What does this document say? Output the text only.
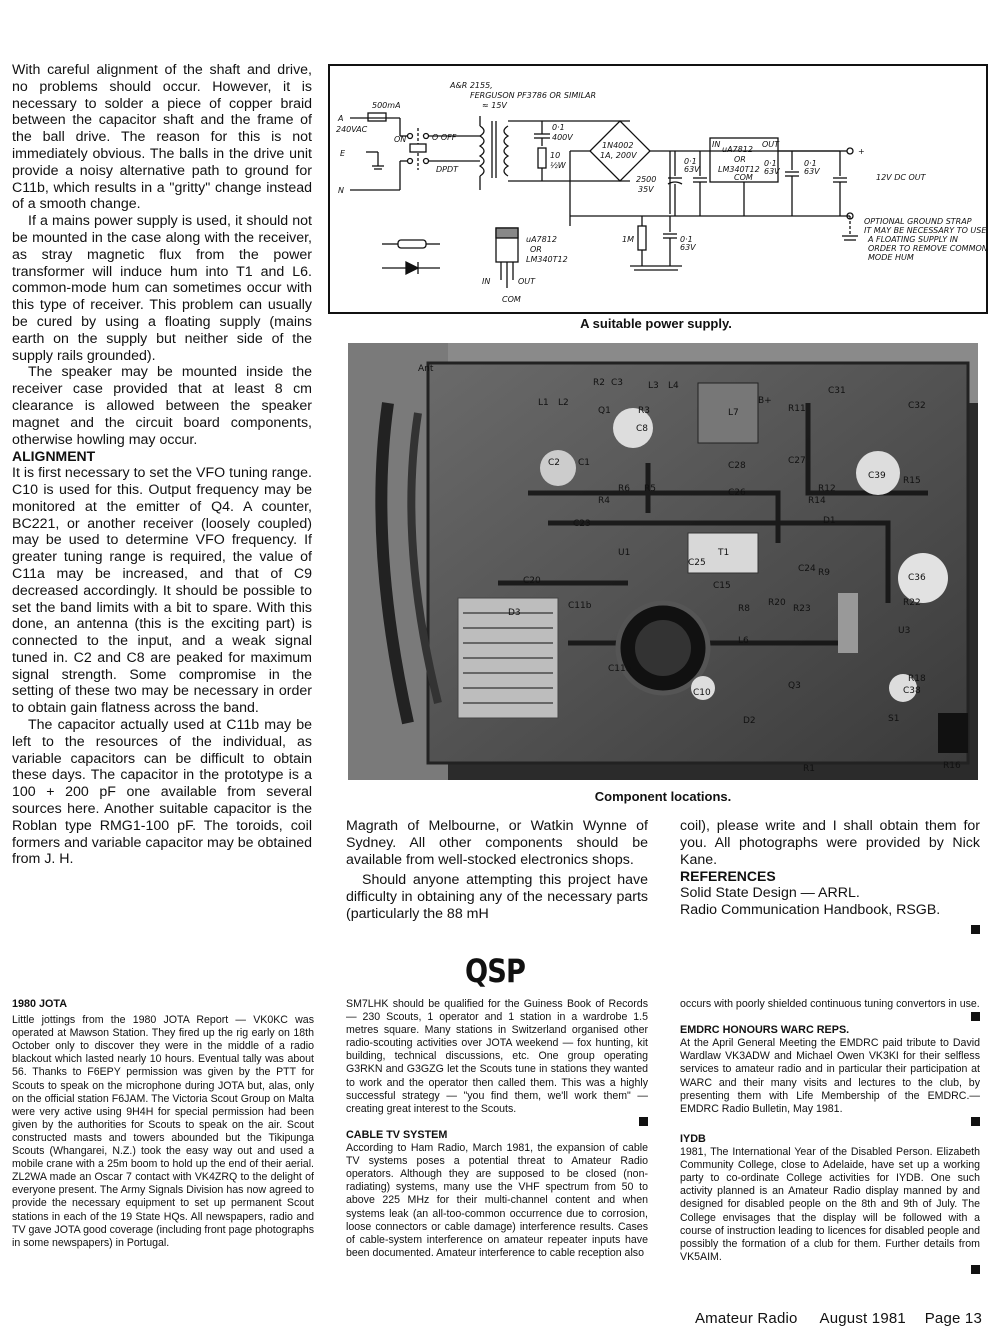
With careful alignment of the shaft and drive, no problems should occur. However, it is necessary to solder a piece of copper braid between the capacitor shaft and the frame of the ball drive. The reason for this is not immediately obvious. The balls in the drive unit provide a noisy alternative path to ground for C11b, which results in a "gritty" change instead of a smooth change.

If a mains power supply is used, it should not be mounted in the case along with the receiver, as stray magnetic flux from the power transformer will induce hum into T1 and L6. common-mode hum can sometimes occur with this type of receiver. This problem can usually be cured by using a floating supply (mains earth on the supply but neither side of the supply rails grounded).

The speaker may be mounted inside the receiver case provided that at least 8 cm clearance is allowed between the speaker magnet and the circuit board components, otherwise howling may occur.

ALIGNMENT

It is first necessary to set the VFO tuning range. C10 is used for this. Output frequency may be monitored at the emitter of Q4. A counter, BC221, or another receiver (loosely coupled) may be used to determine VFO frequency. If greater tuning range is required, the value of C11a may be increased, and that of C9 decreased accordingly. It should be possible to set the band limits with a bit to spare. With this done, an antenna (this is the exciting part) is connected to the input, and a weak signal tuned in. C2 and C8 are peaked for maximum signal strength. Some compromise in the setting of these two may be necessary in order to obtain gain flatness across the band.

The capacitor actually used at C11b may be left to the resources of the individual, as variable capacitors can be difficult to obtain these days. The capacitor in the prototype is a 100 + 200 pF one available from several sources here. Another suitable capacitor is the Roblan type RMG1-100 pF. The toroids, coil formers and variable capacitor may be obtained from J. H.

A&R 2155,
FERGUSON PF3786 OR SIMILAR
≈ 15V
500mA
A
240VAC
E
N
ON	O OFF
DPDT
0·1
400V
10
½W
1N4002
1A, 200V
2500
35V
0·1
63V
uA7812
OR
LM340T12
IN	OUT
COM
0·1
63V
0·1
63V
+
12V DC OUT
1M	0·1
63V
OPTIONAL GROUND STRAP
IT MAY BE NECESSARY TO USE
A FLOATING SUPPLY IN
ORDER TO REMOVE COMMON
MODE HUM
uA7812
OR
LM340T12
IN	OUT
COM
A suitable power supply.
Ant
L1 L2
R2 C3	L3 L4
Q1	R3
C8
L7
B+
C31
R11	C32
C2 C1
R6 R5
C28	C27
R12
C39 R15
R4
C26
R14
C23	D1
U1	T1
C25
C24 R9	C36
C20	C15
D3
C11b	R8
R20
R23
R22
U3
L6
Q3
C11a
C10
D2
C38
R18
S1
R1	R16
Component locations.

Magrath of Melbourne, or Watkin Wynne of Sydney. All other components should be available from well-stocked electronics shops.

Should anyone attempting this project have difficulty in obtaining any of the necessary parts (particularly the 88 mH

coil), please write and I shall obtain them for you. All photographs were provided by Nick Kane.

REFERENCES

Solid State Design — ARRL.

Radio Communication Handbook, RSGB.

QSP
1980 JOTA

Little jottings from the 1980 JOTA Report — VK0KC was operated at Mawson Station. They fired up the rig early on 18th October only to discover they were in the middle of a radio blackout which lasted nearly 10 hours. Eventual tally was about 56. Thanks to F6EPY permission was given by the PTT for Scouts to speak on the microphone during JOTA but, alas, only on the official station F6JAM. The Victoria Scout Group on Malta were very active using 9H4H for special permission had been given by the authorities for Scouts to speak on the air. Scout constructed masts and towers abounded but the Tikipunga Scouts (Whangarei, N.Z.) took the easy way out and used a mobile crane with a 25m boom to hold up the end of their aerial. ZL2WA made an Oscar 7 contact with VK4ZRQ to the delight of everyone present. The Army Signals Division has now agreed to provide the necessary equipment to set up permanent Scout stations in each of the 19 State HQs. All newspapers, radio and TV gave JOTA good coverage (including front page photographs in some newspapers) in Portugal.

SM7LHK should be qualified for the Guiness Book of Records — 230 Scouts, 1 operator and 1 station in a wardrobe 1.5 metres square. Many stations in Switzerland organised other radio-scouting activities over JOTA weekend — fox hunting, kit building, technical discussions, etc. One group operating G3RKN and G3GZG let the Scouts tune in stations they wanted to work and the operator then called them. This was a highly successful strategy — "you find them, we'll work them" — creating great interest to the Scouts.

CABLE TV SYSTEM

According to Ham Radio, March 1981, the expansion of cable TV systems poses a potential threat to Amateur Radio operators. Although they are supposed to be closed (non-radiating) systems, many use the VHF spectrum from 50 to above 225 MHz for their multi-channel content and when systems leak (an all-too-common occurrence due to corrosion, loose connectors or cable damage) interference results. Cases of cable-system interference on amateur repeater inputs have been documented. Amateur interference to cable reception also

occurs with poorly shielded continuous tuning convertors in use.

EMDRC HONOURS WARC REPS.

At the April General Meeting the EMDRC paid tribute to David Wardlaw VK3ADW and Michael Owen VK3KI for their selfless services to amateur radio and in particular their participation at WARC and their many visits and lectures to the club, by presenting them with Life Membership of the EMDRC.—EMDRC Radio Bulletin, May 1981.

IYDB

1981, The International Year of the Disabled Person. Elizabeth Community College, close to Adelaide, have set up a working party to co-ordinate College activities for IYDB. One such activity planned is an Amateur Radio display manned by and designed for disabled people on the 8th and 9th of July. The College envisages that the display will be followed with a course of instruction leading to licences for disabled people and possibly the formation of a club for them. Further details from VK5AIM.

Amateur Radio August 1981 Page 13
